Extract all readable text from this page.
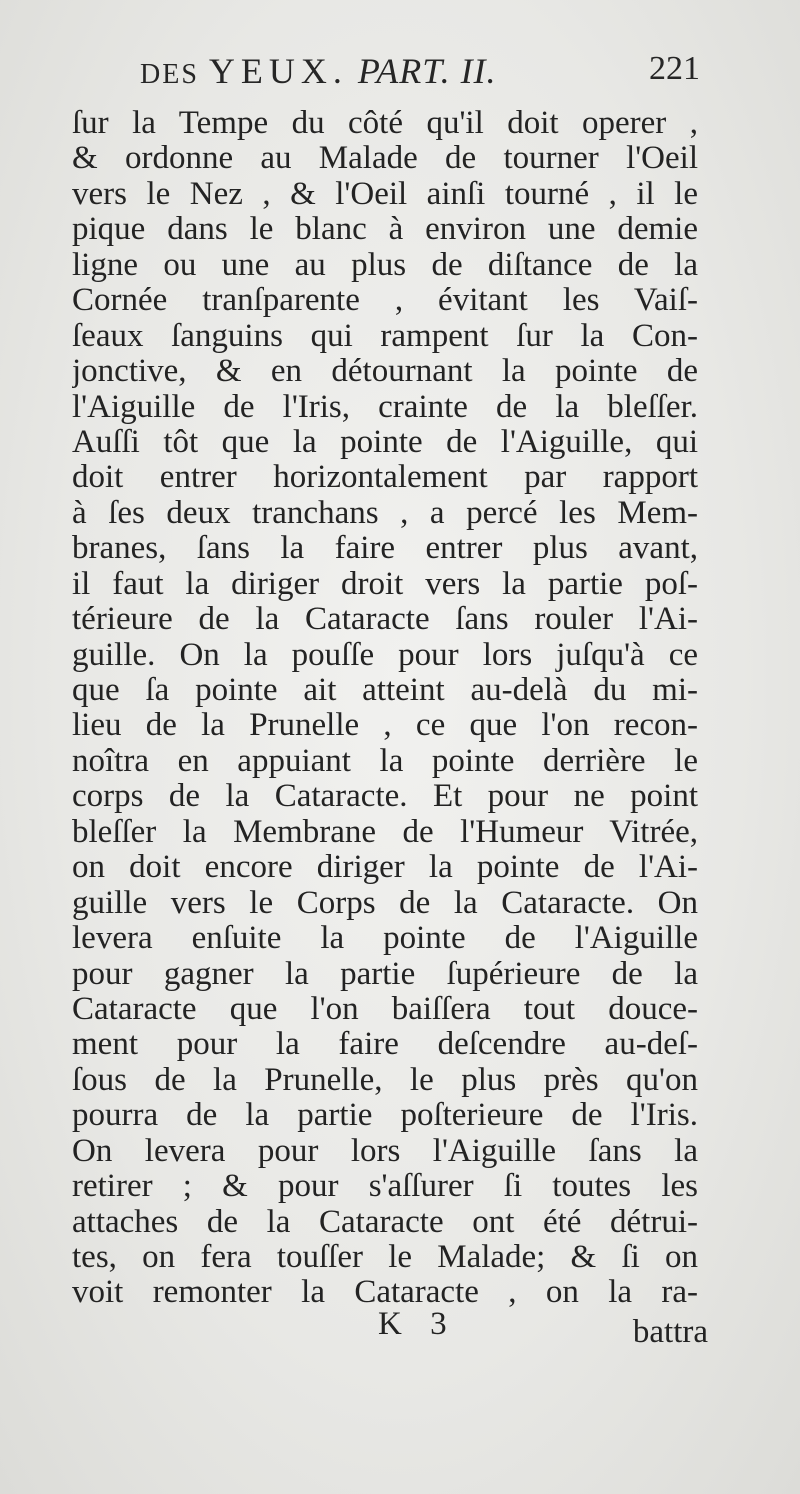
DES YEUX. PART. II.	221
ſur la Tempe du côté qu'il doit operer ,
& ordonne au Malade de tourner l'Oeil
vers le Nez , & l'Oeil ainſi tourné , il le
pique dans le blanc à environ une demie
ligne ou une au plus de diſtance de la
Cornée tranſparente , évitant les Vaiſ-
ſeaux ſanguins qui rampent ſur la Con-
jonctive, & en détournant la pointe de
l'Aiguille de l'Iris, crainte de la bleſſer.
Auſſi tôt que la pointe de l'Aiguille, qui
doit entrer horizontalement par rapport
à ſes deux tranchans , a percé les Mem-
branes, ſans la faire entrer plus avant,
il faut la diriger droit vers la partie poſ-
térieure de la Cataracte ſans rouler l'Ai-
guille. On la pouſſe pour lors juſqu'à ce
que ſa pointe ait atteint au-delà du mi-
lieu de la Prunelle , ce que l'on recon-
noîtra en appuiant la pointe derrière le
corps de la Cataracte. Et pour ne point
bleſſer la Membrane de l'Humeur Vitrée,
on doit encore diriger la pointe de l'Ai-
guille vers le Corps de la Cataracte. On
levera enſuite la pointe de l'Aiguille
pour gagner la partie ſupérieure de la
Cataracte que l'on baiſſera tout douce-
ment pour la faire deſcendre au-deſ-
ſous de la Prunelle, le plus près qu'on
pourra de la partie poſterieure de l'Iris.
On levera pour lors l'Aiguille ſans la
retirer ; & pour s'aſſurer ſi toutes les
attaches de la Cataracte ont été détrui-
tes, on fera touſſer le Malade; & ſi on
voit remonter la Cataracte , on la ra-
K 3	battra
